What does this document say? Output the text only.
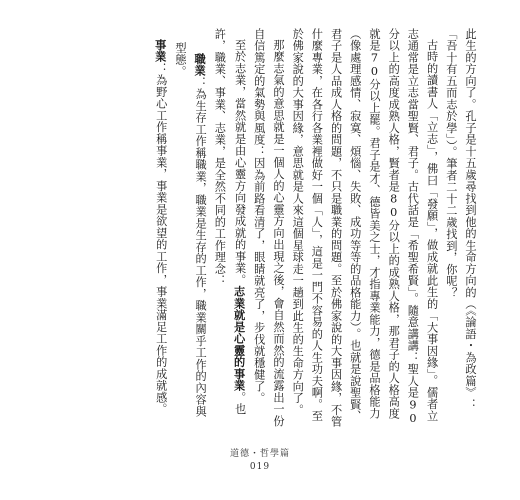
此生的方向了。孔子是十五歲尋找到他的生命方向的（《論語・為政篇》：「吾十有五而志於學」）。筆者二十二歲找到，你呢？

古時的讀書人「立志」，佛曰「發願」，做成就此生的「大事因緣」。儒者立志通常是立志當聖賢、君子。古代話是「希聖希賢」。隨意講講：聖人是90分以上的高度成熟人格，賢者是80分以上的成熟人格，那君子的人格高度就是70分以上罷。君子是才、德皆美之士，才指專業能力，德是品格能力（像處理感情、寂寞、煩惱、失敗、成功等等的品格能力）。也就是說聖賢、君子是人品成人格的問題，不只是職業的問題。至於佛家說的大事因緣，不管什麼專業，在各行各業裡做好一個「人」，這是一門不容易的人生功夫啊。至於佛家說的大事因緣，意思就是人來這個星球走一趟到此生的生命方向了。

那麼志氣的意思就是一個人的心靈方向出現之後，會自然而然的流露出一份自信篤定的氣勢與風度：因為前路看清了，眼睛就亮了，步伐就穩健了。

至於志業，當然就是由心靈方向發成就的事業。志業就是心靈的事業。也許，職業、事業、志業，是全然不同的工作理念：

職業：為生存工作稱職業，職業是生存的工作，職業關乎工作的內容與型態。

事業：為野心工作稱事業，事業是欲望的工作，事業滿足工作的成就感。

道德・哲學篇
019
